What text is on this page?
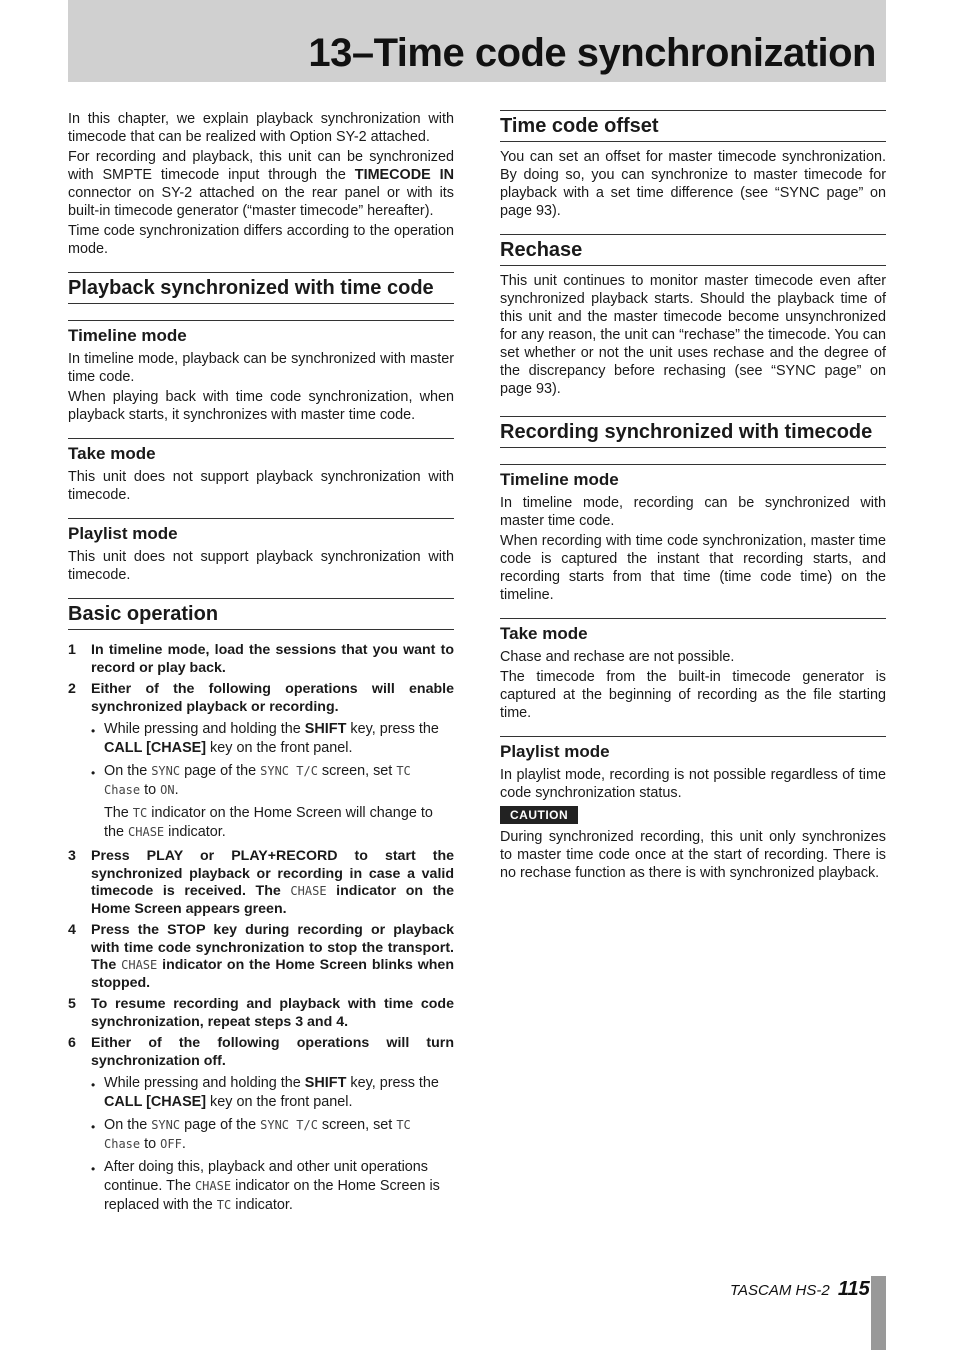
13–Time code synchronization

In this chapter, we explain playback synchronization with timecode that can be realized with Option SY-2 attached.

For recording and playback, this unit can be synchronized with SMPTE timecode input through the TIMECODE IN connector on SY-2 attached on the rear panel or with its built-in timecode generator (“master timecode” hereafter).

Time code synchronization differs according to the operation mode.

Playback synchronized with time code
Timeline mode

In timeline mode, playback can be synchronized with master time code.

When playing back with time code synchronization, when playback starts, it synchronizes with master time code.

Take mode

This unit does not support playback synchronization with timecode.

Playlist mode

This unit does not support playback synchronization with timecode.

Basic operation
1	In timeline mode, load the sessions that you want to record or play back.
2	Either of the following operations will enable synchronized playback or recording.
• While pressing and holding the SHIFT key, press the CALL [CHASE] key on the front panel.
• On the SYNC page of the SYNC T/C screen, set TC Chase to ON.
The TC indicator on the Home Screen will change to the CHASE indicator.
3	Press PLAY or PLAY+RECORD to start the synchronized playback or recording in case a valid timecode is received. The CHASE indicator on the Home Screen appears green.
4	Press the STOP key during recording or playback with time code synchronization to stop the transport. The CHASE indicator on the Home Screen blinks when stopped.
5	To resume recording and playback with time code synchronization, repeat steps 3 and 4.
6	Either of the following operations will turn synchronization off.
• While pressing and holding the SHIFT key, press the CALL [CHASE] key on the front panel.
• On the SYNC page of the SYNC T/C screen, set TC Chase to OFF.
• After doing this, playback and other unit operations continue. The CHASE indicator on the Home Screen is replaced with the TC indicator.
Time code offset

You can set an offset for master timecode synchronization. By doing so, you can synchronize to master timecode for playback with a set time difference (see “SYNC page” on page 93).

Rechase

This unit continues to monitor master timecode even after synchronized playback starts. Should the playback time of this unit and the master timecode become unsynchronized for any reason, the unit can “rechase” the timecode. You can set whether or not the unit uses rechase and the degree of the discrepancy before rechasing (see “SYNC page” on page 93).

Recording synchronized with timecode
Timeline mode

In timeline mode, recording can be synchronized with master time code.

When recording with time code synchronization, master time code is captured the instant that recording starts, and recording starts from that time (time code time) on the timeline.

Take mode

Chase and rechase are not possible.

The timecode from the built-in timecode generator is captured at the beginning of recording as the file starting time.

Playlist mode

In playlist mode, recording is not possible regardless of time code synchronization status.

CAUTION

During synchronized recording, this unit only synchronizes to master time code once at the start of recording. There is no rechase function as there is with synchronized playback.

TASCAM HS-2 115
